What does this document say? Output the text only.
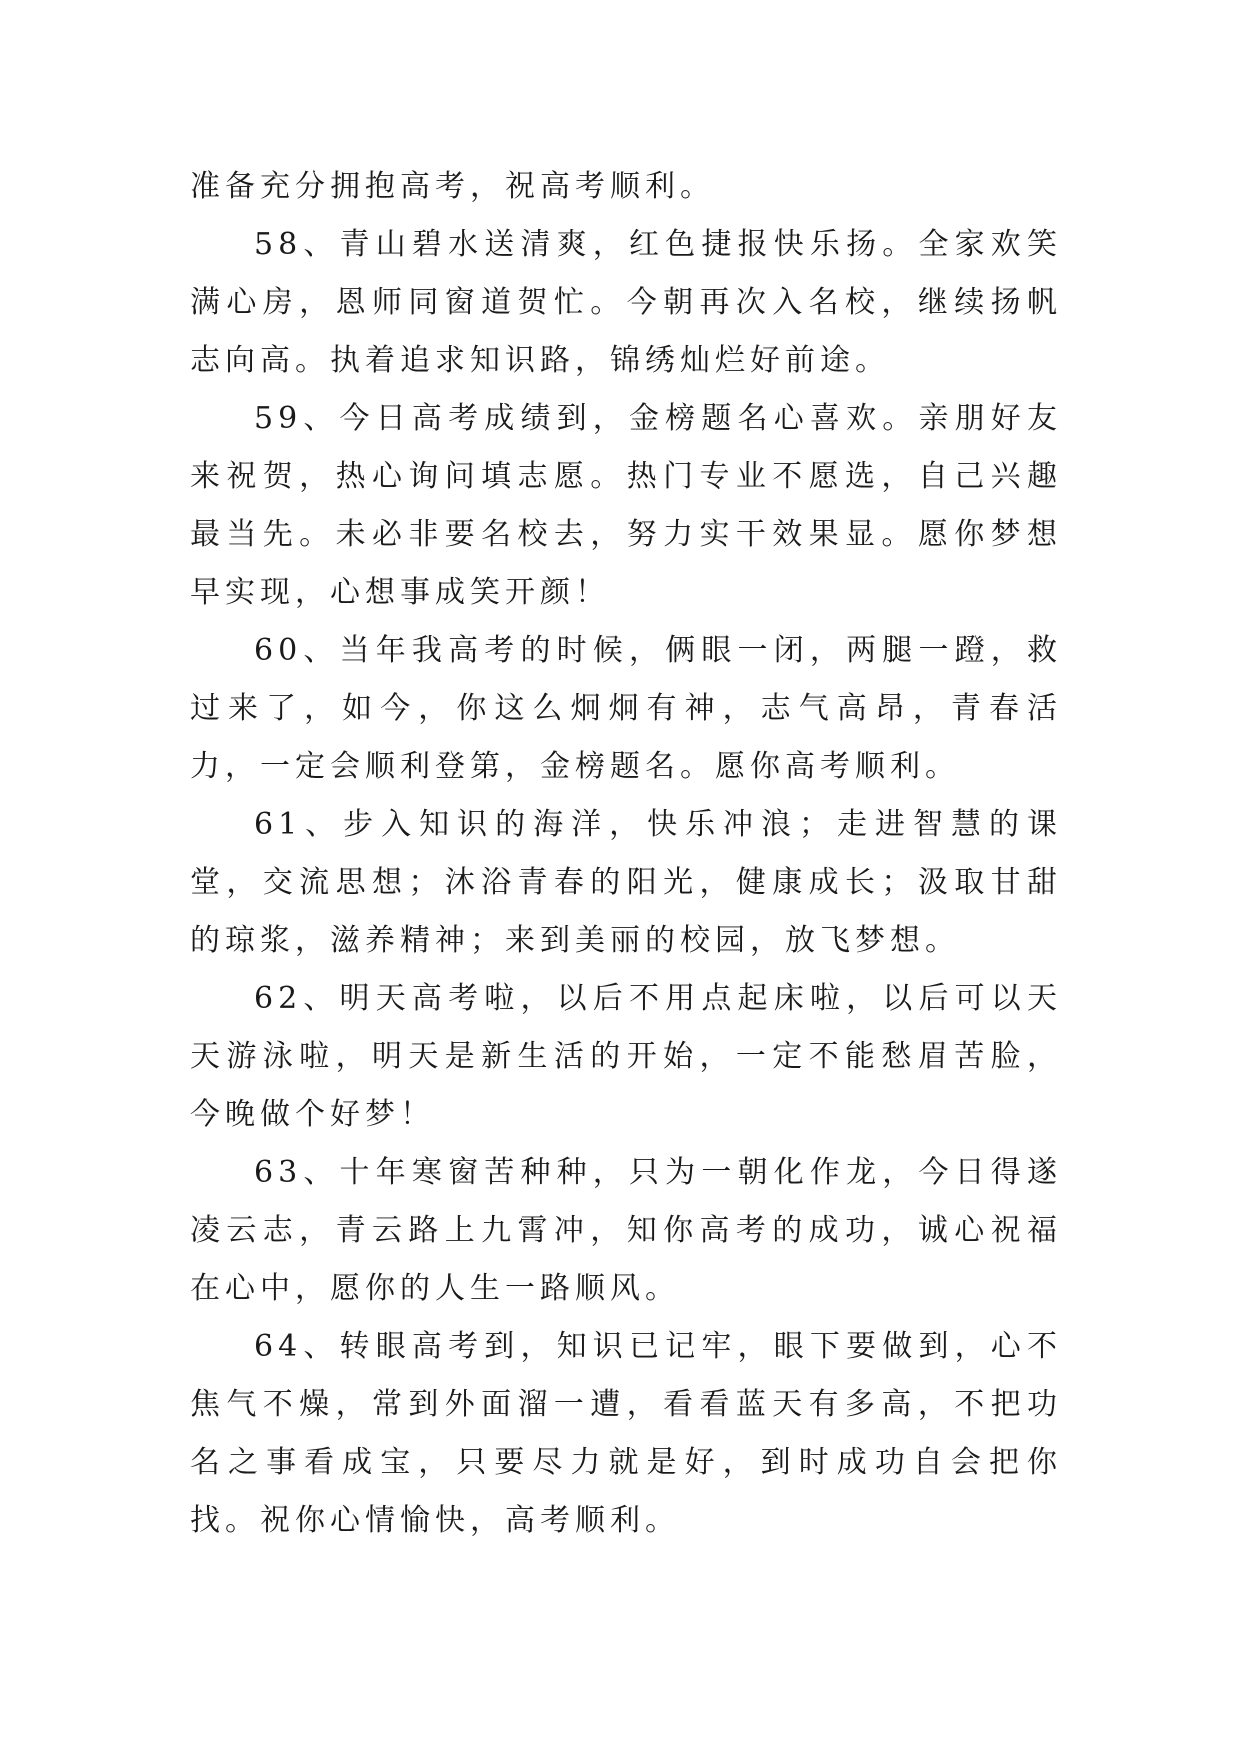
准备充分拥抱高考，祝高考顺利。

58、青山碧水送清爽，红色捷报快乐扬。全家欢笑满心房，恩师同窗道贺忙。今朝再次入名校，继续扬帆志向高。执着追求知识路，锦绣灿烂好前途。

59、今日高考成绩到，金榜题名心喜欢。亲朋好友来祝贺，热心询问填志愿。热门专业不愿选，自己兴趣最当先。未必非要名校去，努力实干效果显。愿你梦想早实现，心想事成笑开颜！

60、当年我高考的时候，俩眼一闭，两腿一蹬，救过来了，如今，你这么炯炯有神，志气高昂，青春活力，一定会顺利登第，金榜题名。愿你高考顺利。

61、步入知识的海洋，快乐冲浪；走进智慧的课堂，交流思想；沐浴青春的阳光，健康成长；汲取甘甜的琼浆，滋养精神；来到美丽的校园，放飞梦想。

62、明天高考啦，以后不用点起床啦，以后可以天天游泳啦，明天是新生活的开始，一定不能愁眉苦脸，今晚做个好梦！

63、十年寒窗苦种种，只为一朝化作龙，今日得遂凌云志，青云路上九霄冲，知你高考的成功，诚心祝福在心中，愿你的人生一路顺风。

64、转眼高考到，知识已记牢，眼下要做到，心不焦气不燥，常到外面溜一遭，看看蓝天有多高，不把功名之事看成宝，只要尽力就是好，到时成功自会把你找。祝你心情愉快，高考顺利。
